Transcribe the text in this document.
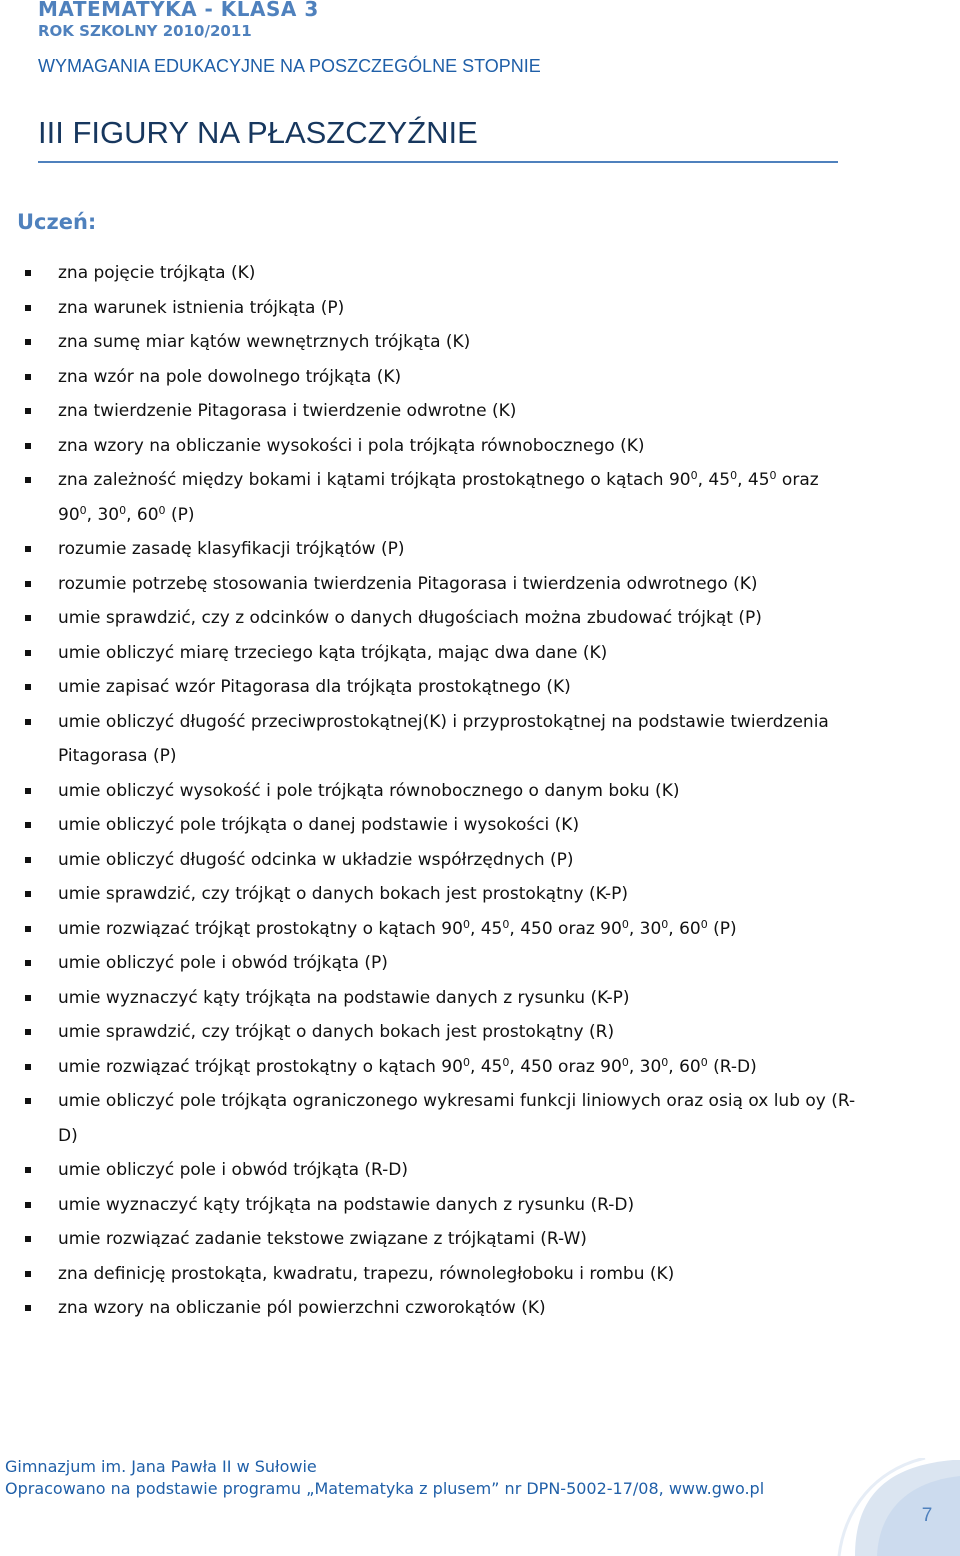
MATEMATYKA - KLASA 3
ROK SZKOLNY 2010/2011
WYMAGANIA EDUKACYJNE NA POSZCZEGÓLNE STOPNIE
III FIGURY NA PŁASZCZYŹNIE
Uczeń:
zna pojęcie trójkąta (K)
zna warunek istnienia trójkąta (P)
zna sumę miar kątów wewnętrznych trójkąta (K)
zna wzór na pole dowolnego trójkąta (K)
zna twierdzenie Pitagorasa i twierdzenie odwrotne (K)
zna wzory na obliczanie wysokości i pola trójkąta równobocznego (K)
zna zależność między bokami i kątami trójkąta prostokątnego o kątach $90^0$, $45^0$, $45^0$ oraz $90^0$, $30^0$, $60^0$ (P)
rozumie zasadę klasyfikacji trójkątów (P)
rozumie potrzebę stosowania twierdzenia Pitagorasa i twierdzenia odwrotnego (K)
umie sprawdzić, czy z odcinków o danych długościach można zbudować trójkąt (P)
umie obliczyć miarę trzeciego kąta trójkąta, mając dwa dane (K)
umie zapisać wzór Pitagorasa dla trójkąta prostokątnego (K)
umie obliczyć długość przeciwprostokątnej(K) i przyprostokątnej na podstawie twierdzenia Pitagorasa (P)
umie obliczyć wysokość i pole trójkąta równobocznego o danym boku (K)
umie obliczyć pole trójkąta o danej podstawie i wysokości (K)
umie obliczyć długość odcinka w układzie współrzędnych (P)
umie sprawdzić, czy trójkąt o danych bokach jest prostokątny (K-P)
umie rozwiązać trójkąt prostokątny o kątach $90^0$, $45^0$, 450 oraz $90^0$, $30^0$, $60^0$ (P)
umie obliczyć pole i obwód trójkąta (P)
umie wyznaczyć kąty trójkąta na podstawie danych z rysunku (K-P)
umie sprawdzić, czy trójkąt o danych bokach jest prostokątny (R)
umie rozwiązać trójkąt prostokątny o kątach $90^0$, $45^0$, 450 oraz $90^0$, $30^0$, $60^0$ (R-D)
umie obliczyć pole trójkąta ograniczonego wykresami funkcji liniowych oraz osią ox lub oy (R-D)
umie obliczyć pole i obwód trójkąta (R-D)
umie wyznaczyć kąty trójkąta na podstawie danych z rysunku (R-D)
umie rozwiązać zadanie tekstowe związane z trójkątami (R-W)
zna definicję prostokąta, kwadratu, trapezu, równoległoboku i rombu (K)
zna wzory na obliczanie pól powierzchni czworokątów (K)
Gimnazjum im. Jana Pawła II w Sułowie
Opracowano na podstawie programu „Matematyka z plusem” nr DPN-5002-17/08, www.gwo.pl
7
